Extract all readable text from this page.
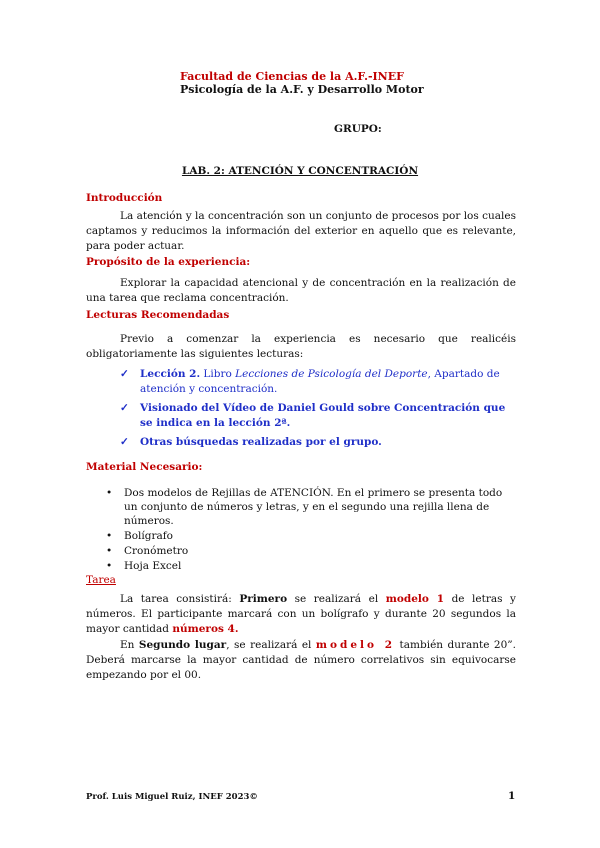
Facultad de Ciencias de la A.F.-INEF
Psicología de la A.F. y Desarrollo Motor
GRUPO:
LAB. 2: ATENCIÓN Y CONCENTRACIÓN
Introducción
La atención y la concentración son un conjunto de procesos por los cuales captamos y reducimos la información del exterior en aquello que es relevante, para poder actuar.
Propósito de la experiencia:
Explorar la capacidad atencional y de concentración en la realización de una tarea que reclama concentración.
Lecturas Recomendadas
Previo a comenzar la experiencia es necesario que realicéis obligatoriamente las siguientes lecturas:
✓ Lección 2. Libro Lecciones de Psicología del Deporte, Apartado de atención y concentración.
✓ Visionado del Vídeo de Daniel Gould sobre Concentración que se indica en la lección 2ª.
✓ Otras búsquedas realizadas por el grupo.
Material Necesario:
• Dos modelos de Rejillas de ATENCIÓN. En el primero se presenta todo un conjunto de números y letras, y en el segundo una rejilla llena de números.
• Bolígrafo
• Cronómetro
• Hoja Excel
Tarea
La tarea consistirá: Primero se realizará el modelo 1 de letras y números. El participante marcará con un bolígrafo y durante 20 segundos la mayor cantidad números 4.
En Segundo lugar, se realizará el modelo 2 también durante 20”. Deberá marcarse la mayor cantidad de número correlativos sin equivocarse empezando por el 00.
Prof. Luis Miguel Ruiz, INEF 2023©	1
